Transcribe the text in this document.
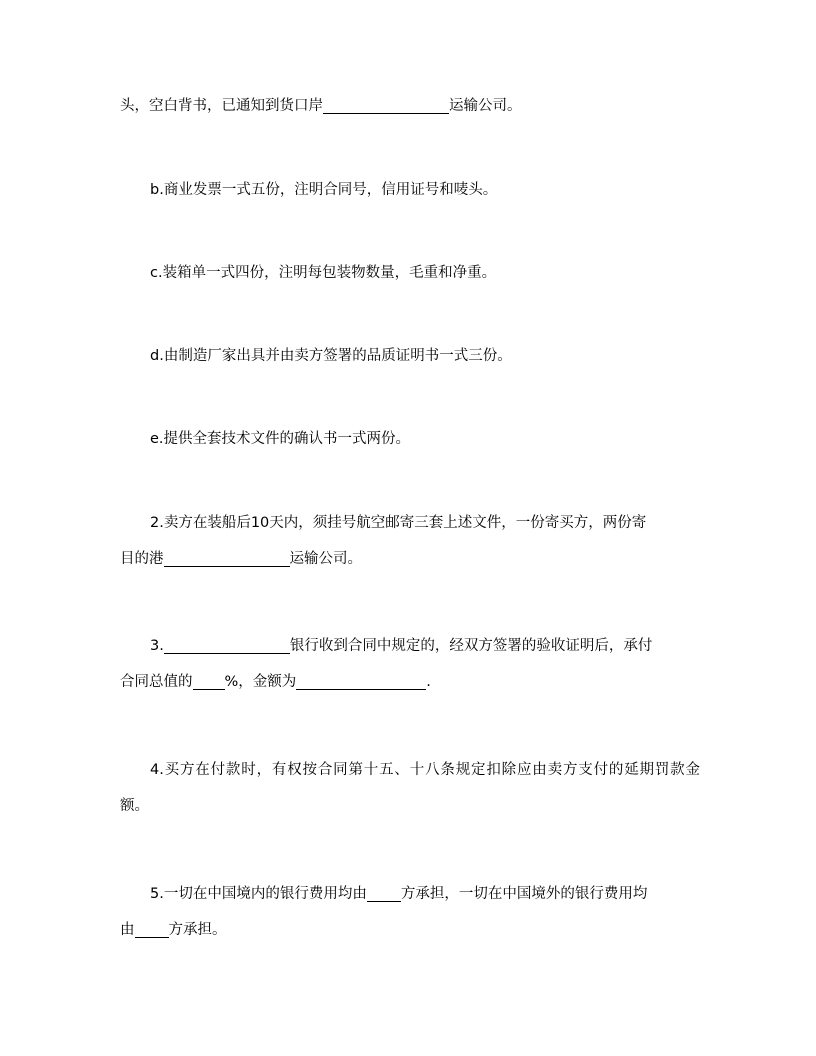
头，空白背书，已通知到货口岸	运输公司。
b.商业发票一式五份，注明合同号，信用证号和唛头。
c.装箱单一式四份，注明每包装物数量，毛重和净重。
d.由制造厂家出具并由卖方签署的品质证明书一式三份。
e.提供全套技术文件的确认书一式两份。
2.卖方在装船后10天内，须挂号航空邮寄三套上述文件，一份寄买方，两份寄
目的港	运输公司。
3.	银行收到合同中规定的，经双方签署的验收证明后，承付
合同总值的 %，金额为	.
4.买方在付款时，有权按合同第十五、十八条规定扣除应由卖方支付的延期罚款金额。
5.一切在中国境内的银行费用均由 方承担，一切在中国境外的银行费用均
由 方承担。
